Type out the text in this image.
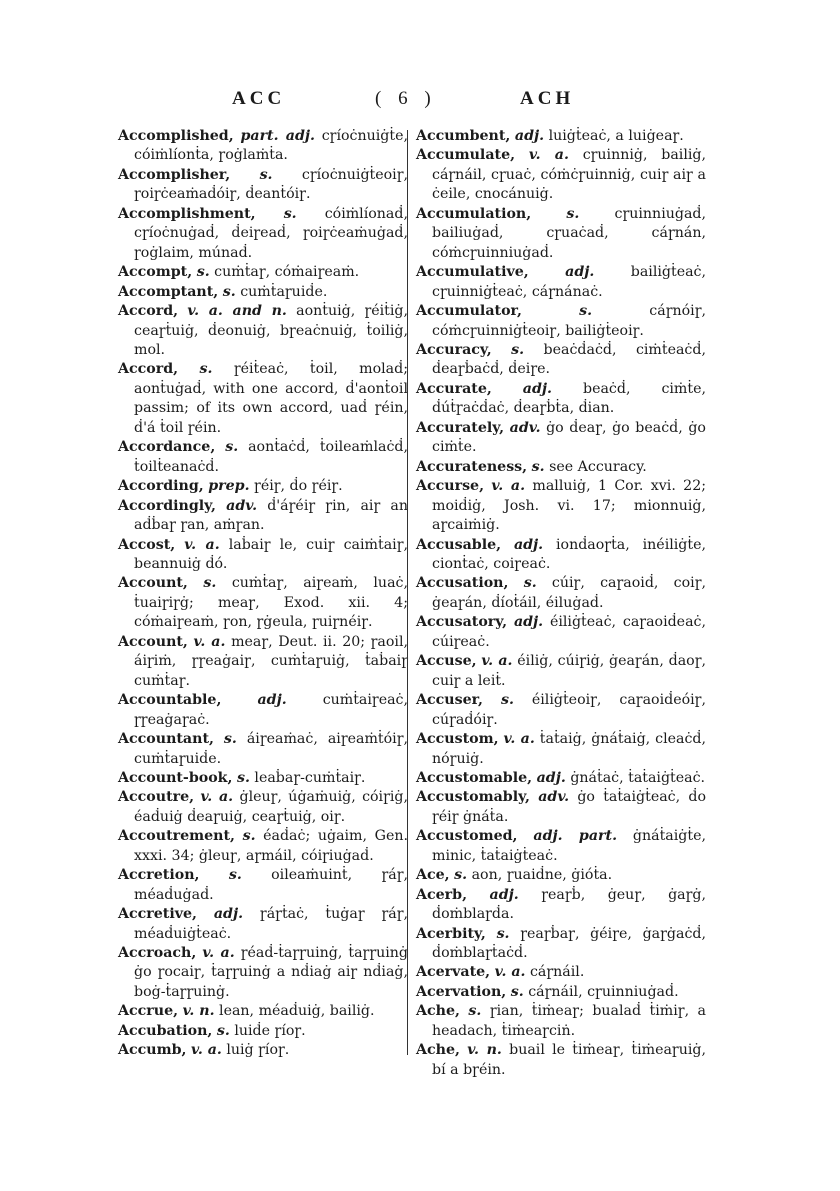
ACC	( 6 )	ACH

Accomplished, part. adj. cɼíoċnuiġṫe, cóiṁlíonṫa, ɼoġlaṁṫa.

Accomplisher, s. cɼíoċnuiġṫeoiɼ, ɼoiɼċeaṁaḋóiɼ, ḋeanṫóiɼ.

Accomplishment, s. cóiṁlíonaḋ, cɼíoċnuġaḋ, ḋeiɼeaḋ, ɼoiɼċeaṁuġaḋ, ɼoġlaim, múnaḋ.

Accompt, s. cuṁṫaɼ, cóṁaiɼeaṁ.

Accomptant, s. cuṁṫaɼuiḋe.

Accord, v. a. and n. aonṫuiġ, ɼéiṫiġ, ceaɼṫuiġ, ḋeonuiġ, bɼeaċnuiġ, ṫoiliġ, mol.

Accord, s. ɼéiṫeaċ, ṫoil, molaḋ; aonṫuġaḋ, with one accord, ḋ'aonṫoil passim; of its own accord, uaḋ ɼéin, ḋ'á ṫoil ɼéin.

Accordance, s. aonṫaċḋ, ṫoileaṁlaċḋ, ṫoilṫeanaċḋ.

According, prep. ɼéiɼ, ḋo ɼéiɼ.

Accordingly, adv. ḋ'áɼéiɼ ɼin, aiɼ an aḋḃaɼ ɼan, aṁɼan.

Accost, v. a. laḃaiɼ le, cuiɼ caiṁṫaiɼ, beannuiġ ḋó.

Account, s. cuṁṫaɼ, aiɼeaṁ, luaċ, ṫuaiɼiɼġ; meaɼ, Exod. xii. 4; cóṁaiɼeaṁ, ɼon, ɼġeula, ɼuiɼnéiɼ.

Account, v. a. meaɼ, Deut. ii. 20; ɼaoil, áiɼiṁ, ɼɼeaġaiɼ, cuṁṫaɼuiġ, ṫaḃaiɼ cuṁṫaɼ.

Accountable,	adj.	cuṁṫaiɼeaċ, ɼɼeaġaɼaċ.

Accountant, s. áiɼeaṁaċ, aiɼeaṁṫóiɼ, cuṁṫaɼuiḋe.

Account-book, s. leaḃaɼ-cuṁṫaiɼ.

Accoutre, v. a. ġleuɼ, úġaṁuiġ, cóiɼiġ, éaḋuiġ ḋeaɼuiġ, ceaɼṫuiġ, oiɼ.

Accoutrement, s. éaḋaċ; uġaim, Gen. xxxi. 34; ġleuɼ, aɼmáil, cóiɼiuġaḋ.

Accretion, s. oileaṁuinṫ, ɼáɼ, méaḋuġaḋ.

Accretive, adj. ɼáɼṫaċ, ṫuġaɼ ɼáɼ, méaḋuiġṫeaċ.

Accroach, v. a. ɼéaḋ-ṫaɼɼuinġ, ṫaɼɼuinġ ġo ɼocaiɼ, ṫaɼɼuinġ a nḋiaġ aiɼ nḋiaġ, boġ-ṫaɼɼuinġ.

Accrue, v. n. lean, méaḋuiġ, bailiġ.

Accubation, s. luiḋe ɼíoɼ.

Accumb, v. a. luiġ ɼíoɼ.

Accumbent, adj. luiġṫeaċ, a luiġeaɼ.

Accumulate, v. a. cɼuinniġ, bailiġ, cáɼnáil, cɼuaċ, cóṁċɼuinniġ, cuiɼ aiɼ a ċeile, cnocánuiġ.

Accumulation, s. cɼuinniuġaḋ, bailiuġaḋ, cɼuaċaḋ, cáɼnán, cóṁcɼuinniuġaḋ.

Accumulative,	adj.	bailiġṫeaċ, cɼuinniġṫeaċ, cáɼnánaċ.

Accumulator,	s.	cáɼnóiɼ, cóṁcɼuinniġṫeoiɼ, bailiġṫeoiɼ.

Accuracy, s. beaċḋaċḋ, ciṁṫeaċḋ, ḋeaɼḃaċḋ, ḋeiɼe.

Accurate, adj. beaċḋ, ciṁṫe, ḋúṫɼaċḋaċ, ḋeaɼḃṫa, ḋian.

Accurately, adv. ġo ḋeaɼ, ġo beaċḋ, ġo ciṁṫe.

Accurateness, s. see Accuracy.

Accurse, v. a. malluiġ, 1 Cor. xvi. 22; moiḋiġ, Josh. vi. 17; mionnuiġ, aɼcaiṁiġ.

Accusable, adj. ionḋaoɼṫa, inéiliġṫe, cionṫaċ, coiɼeaċ.

Accusation, s. cúiɼ, caɼaoiḋ, coiɼ, ġeaɼán, ḋíoṫáil, éiluġaḋ.

Accusatory, adj. éiliġṫeaċ, caɼaoiḋeaċ, cúiɼeaċ.

Accuse, v. a. éiliġ, cúiɼiġ, ġeaɼán, ḋaoɼ, cuiɼ a leiṫ.

Accuser, s. éiliġṫeoiɼ, caɼaoiḋeóiɼ, cúɼaḋóiɼ.

Accustom, v. a. ṫaṫaiġ, ġnáṫaiġ, cleaċḋ, nóɼuiġ.

Accustomable, adj. ġnáṫaċ, ṫaṫaiġṫeaċ.

Accustomably, adv. ġo ṫaṫaiġṫeaċ, ḋo ɼéiɼ ġnáṫa.

Accustomed, adj. part. ġnáṫaiġṫe, minic, ṫaṫaiġṫeaċ.

Ace, s. aon, ɼuaiḋne, ġióṫa.

Acerb, adj. ɼeaɼḃ, ġeuɼ, ġaɼġ, ḋoṁblaɼḋa.

Acerbity, s. ɼeaɼḃaɼ, ġéiɼe, ġaɼġaċḋ, ḋoṁblaɼṫaċḋ.

Acervate, v. a. cáɼnáil.

Acervation, s. cáɼnáil, cɼuinniuġaḋ.

Ache, s. ɼian, ṫiṁeaɼ; bualaḋ ṫiṁiɼ, a headach, ṫiṁeaɼciṅ.

Ache, v. n. buail le ṫiṁeaɼ, ṫiṁeaɼuiġ, bí a bɼéin.
